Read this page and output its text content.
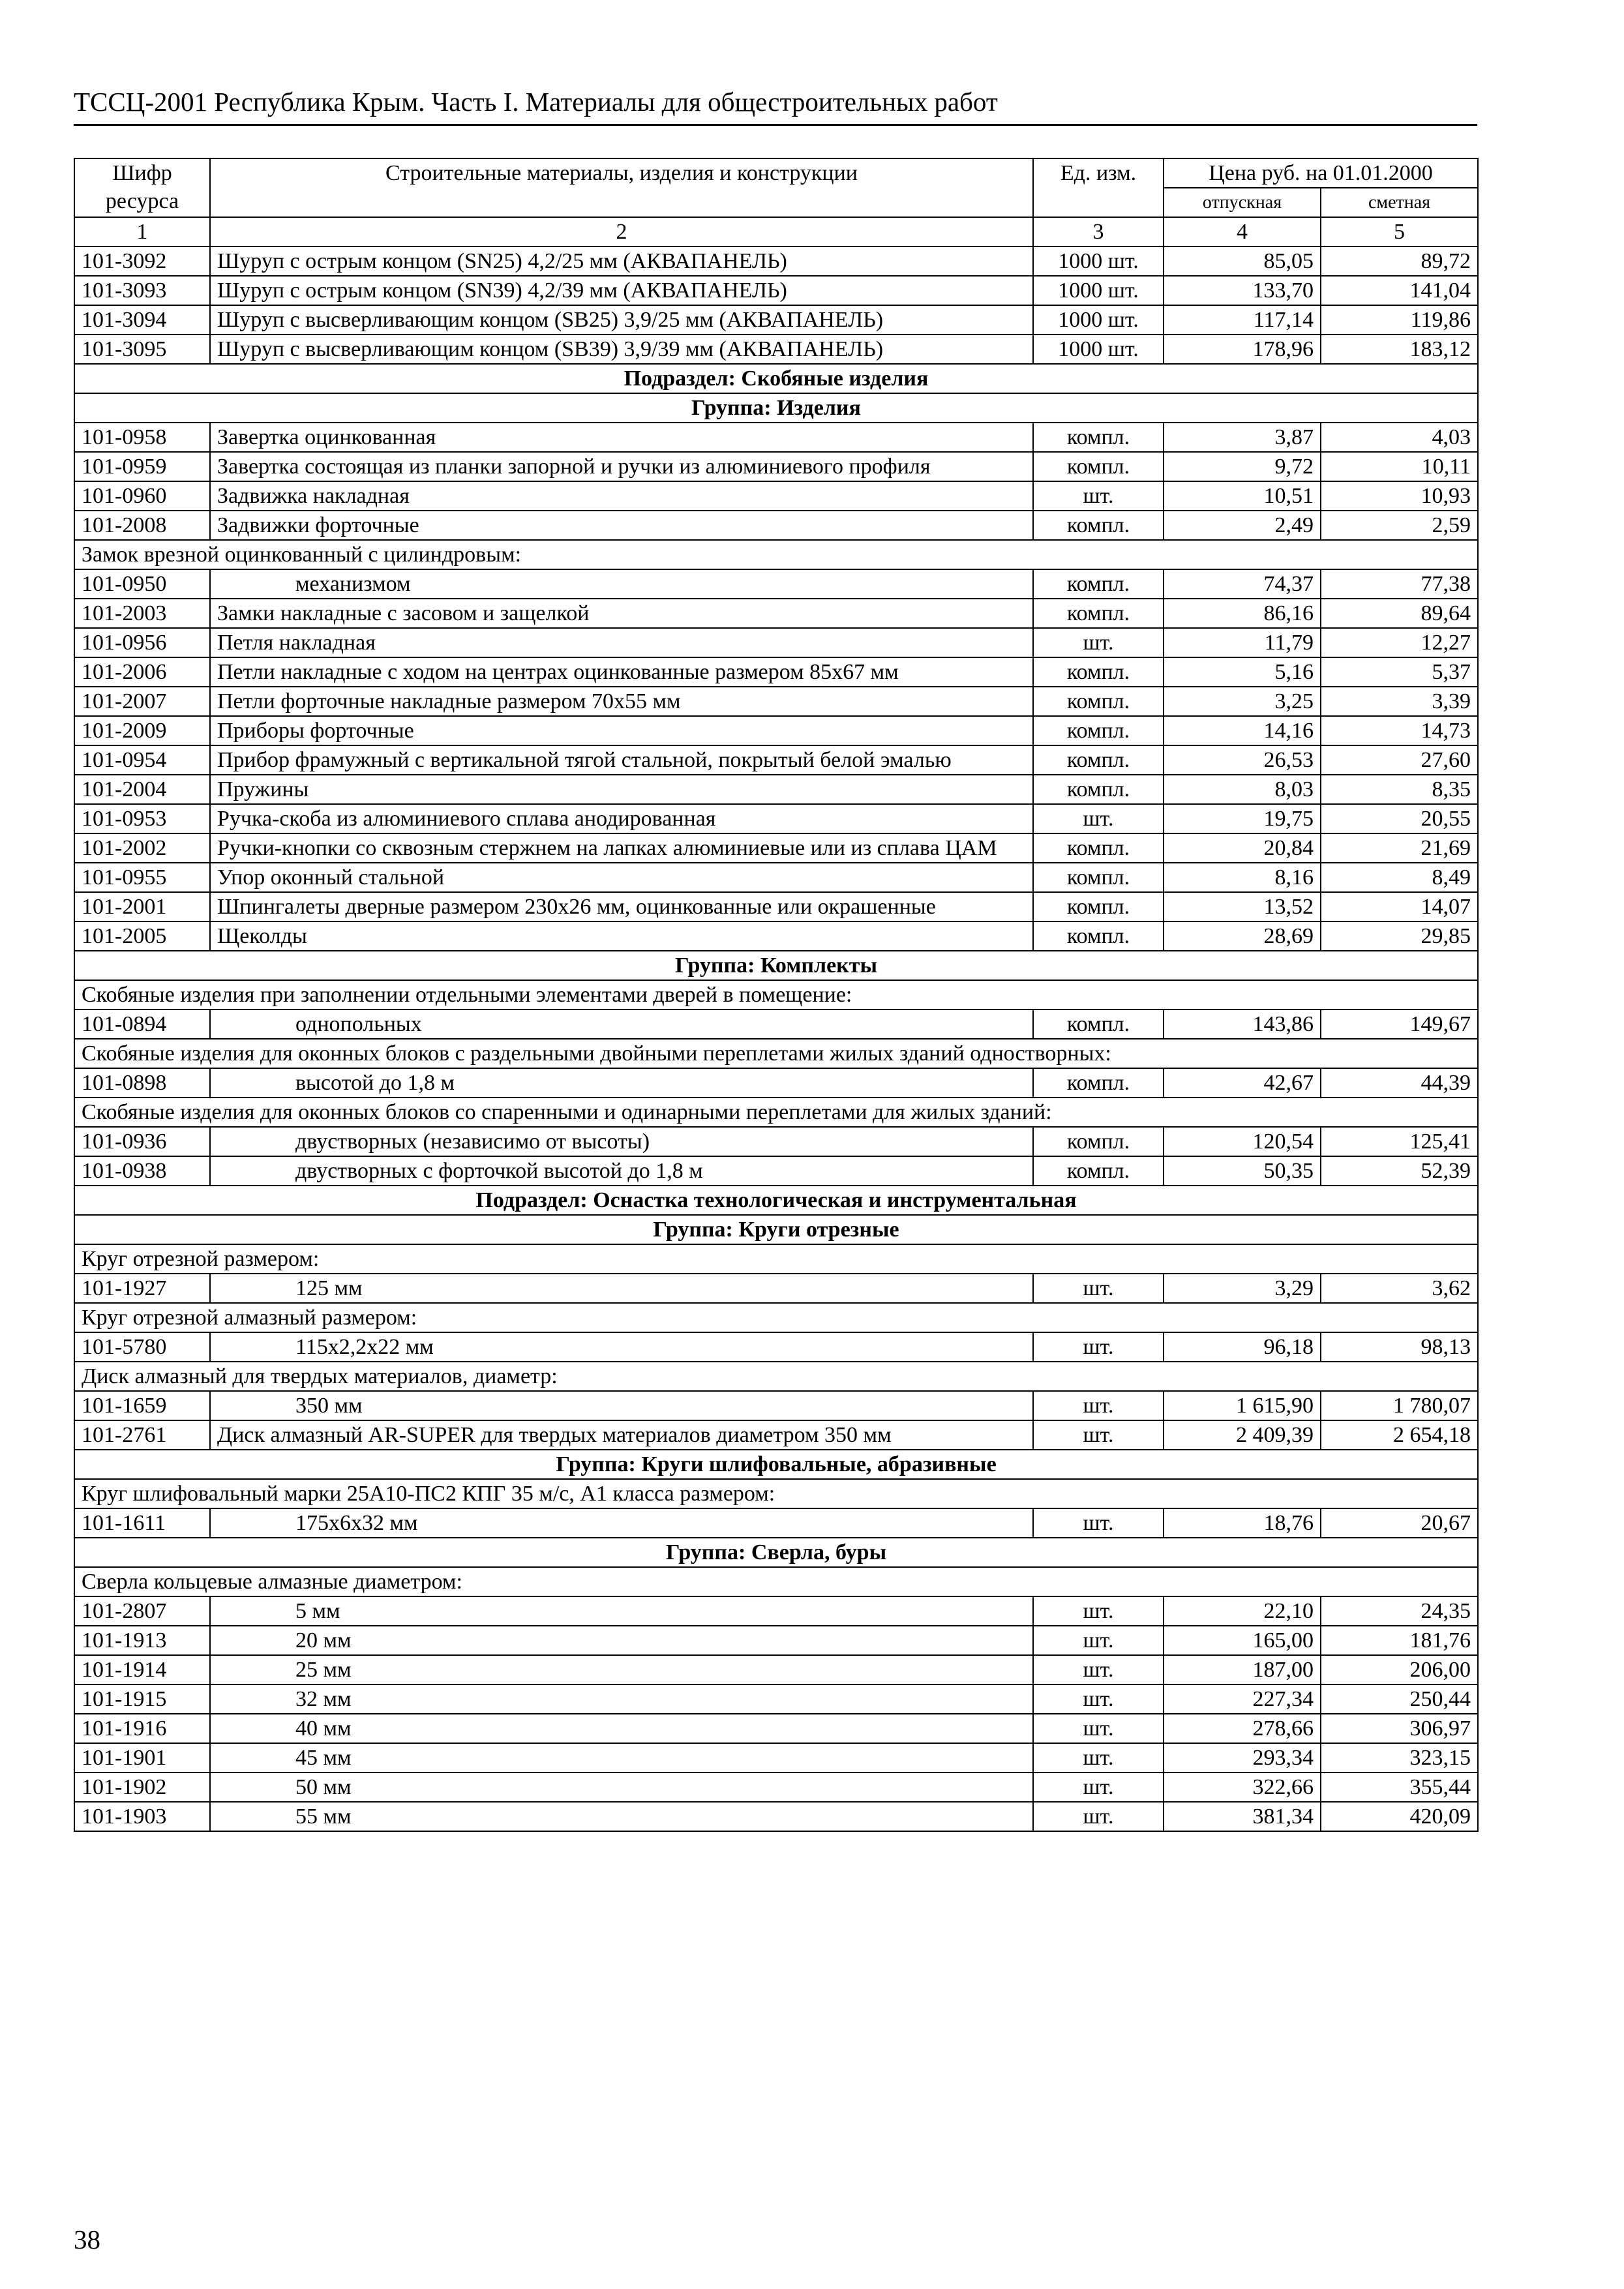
ТССЦ-2001 Республика Крым. Часть I. Материалы для общестроительных работ
Шифр ресурса	Строительные материалы, изделия и конструкции	Ед. изм.	Цена руб. на 01.01.2000	
			отпускная	сметная
1	2	3	4	5
101-3092	Шуруп с острым концом (SN25) 4,2/25 мм (АКВАПАНЕЛЬ)	1000 шт.	85,05	89,72
101-3093	Шуруп с острым концом (SN39) 4,2/39 мм (АКВАПАНЕЛЬ)	1000 шт.	133,70	141,04
101-3094	Шуруп с высверливающим концом (SB25) 3,9/25 мм (АКВАПАНЕЛЬ)	1000 шт.	117,14	119,86
101-3095	Шуруп с высверливающим концом (SB39) 3,9/39 мм (АКВАПАНЕЛЬ)	1000 шт.	178,96	183,12
Подраздел: Скобяные изделия				
Группа: Изделия				
101-0958	Завертка оцинкованная	компл.	3,87	4,03
101-0959	Завертка состоящая из планки запорной и ручки из алюминиевого профиля	компл.	9,72	10,11
101-0960	Задвижка накладная	шт.	10,51	10,93
101-2008	Задвижки форточные	компл.	2,49	2,59
Замок врезной оцинкованный с цилиндровым:				
101-0950	механизмом	компл.	74,37	77,38
101-2003	Замки накладные с засовом и защелкой	компл.	86,16	89,64
101-0956	Петля накладная	шт.	11,79	12,27
101-2006	Петли накладные с ходом на центрах оцинкованные размером 85х67 мм	компл.	5,16	5,37
101-2007	Петли форточные накладные размером 70х55 мм	компл.	3,25	3,39
101-2009	Приборы форточные	компл.	14,16	14,73
101-0954	Прибор фрамужный с вертикальной тягой стальной, покрытый белой эмалью	компл.	26,53	27,60
101-2004	Пружины	компл.	8,03	8,35
101-0953	Ручка-скоба из алюминиевого сплава анодированная	шт.	19,75	20,55
101-2002	Ручки-кнопки со сквозным стержнем на лапках алюминиевые или из сплава ЦАМ	компл.	20,84	21,69
101-0955	Упор оконный стальной	компл.	8,16	8,49
101-2001	Шпингалеты дверные размером 230х26 мм, оцинкованные или окрашенные	компл.	13,52	14,07
101-2005	Щеколды	компл.	28,69	29,85
Группа: Комплекты				
Скобяные изделия при заполнении отдельными элементами дверей в помещение:				
101-0894	однопольных	компл.	143,86	149,67
Скобяные изделия для оконных блоков с раздельными двойными переплетами жилых зданий одностворных:				
101-0898	высотой до 1,8 м	компл.	42,67	44,39
Скобяные изделия для оконных блоков со спаренными и одинарными переплетами для жилых зданий:				
101-0936	двустворных (независимо от высоты)	компл.	120,54	125,41
101-0938	двустворных с форточкой высотой до 1,8 м	компл.	50,35	52,39
Подраздел: Оснастка технологическая и инструментальная				
Группа: Круги отрезные				
Круг отрезной размером:				
101-1927	125 мм	шт.	3,29	3,62
Круг отрезной алмазный размером:				
101-5780	115х2,2х22 мм	шт.	96,18	98,13
Диск алмазный для твердых материалов, диаметр:				
101-1659	350 мм	шт.	1 615,90	1 780,07
101-2761	Диск алмазный AR-SUPER для твердых материалов диаметром 350 мм	шт.	2 409,39	2 654,18
Группа: Круги шлифовальные, абразивные				
Круг шлифовальный марки 25А10-ПС2 КПГ 35 м/с, А1 класса размером:				
101-1611	175х6х32 мм	шт.	18,76	20,67
Группа: Сверла, буры				
Сверла кольцевые алмазные диаметром:				
101-2807	5 мм	шт.	22,10	24,35
101-1913	20 мм	шт.	165,00	181,76
101-1914	25 мм	шт.	187,00	206,00
101-1915	32 мм	шт.	227,34	250,44
101-1916	40 мм	шт.	278,66	306,97
101-1901	45 мм	шт.	293,34	323,15
101-1902	50 мм	шт.	322,66	355,44
101-1903	55 мм	шт.	381,34	420,09
38
